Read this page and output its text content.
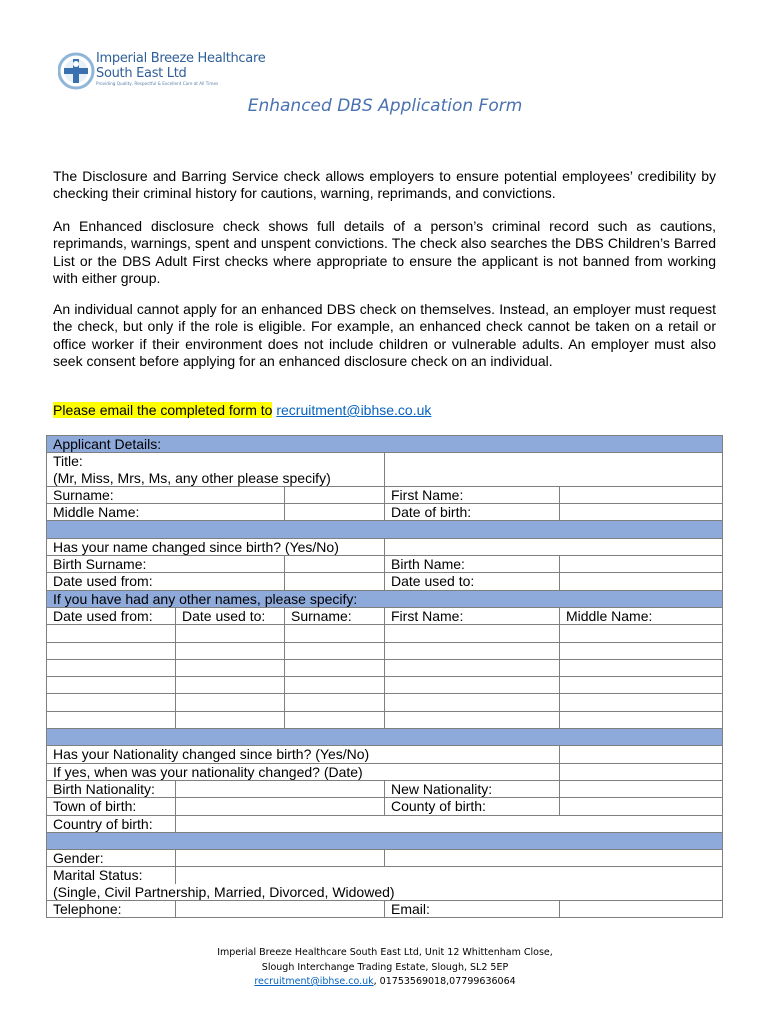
Imperial Breeze Healthcare
South East Ltd
Providing Quality, Respectful & Excellent Care at All Times
Enhanced DBS Application Form

The Disclosure and Barring Service check allows employers to ensure potential employees’ credibility by checking their criminal history for cautions, warning, reprimands, and convictions.

An Enhanced disclosure check shows full details of a person’s criminal record such as cautions, reprimands, warnings, spent and unspent convictions. The check also searches the DBS Children’s Barred List or the DBS Adult First checks where appropriate to ensure the applicant is not banned from working with either group.

An individual cannot apply for an enhanced DBS check on themselves. Instead, an employer must request the check, but only if the role is eligible. For example, an enhanced check cannot be taken on a retail or office worker if their environment does not include children or vulnerable adults. An employer must also seek consent before applying for an enhanced disclosure check on an individual.

Please email the completed form to recruitment@ibhse.co.uk
Applicant Details:				
Title:				
(Mr, Miss, Mrs, Ms, any other please specify)				
Surname:			First Name:	
Middle Name:			Date of birth:	

Has your name changed since birth? (Yes/No)				
Birth Surname:			Birth Name:	
Date used from:			Date used to:	
If you have had any other names, please specify:				
Date used from:	Date used to:	Surname:	First Name:	Middle Name:

Has your Nationality changed since birth? (Yes/No)				
If yes, when was your nationality changed? (Date)				
Birth Nationality:			New Nationality:	
Town of birth:			County of birth:	
Country of birth:				

Gender:				
Marital Status:				
(Single, Civil Partnership, Married, Divorced, Widowed)				
Telephone:			Email:	
Imperial Breeze Healthcare South East Ltd, Unit 12 Whittenham Close,
Slough Interchange Trading Estate, Slough, SL2 5EP
recruitment@ibhse.co.uk, 01753569018,07799636064
